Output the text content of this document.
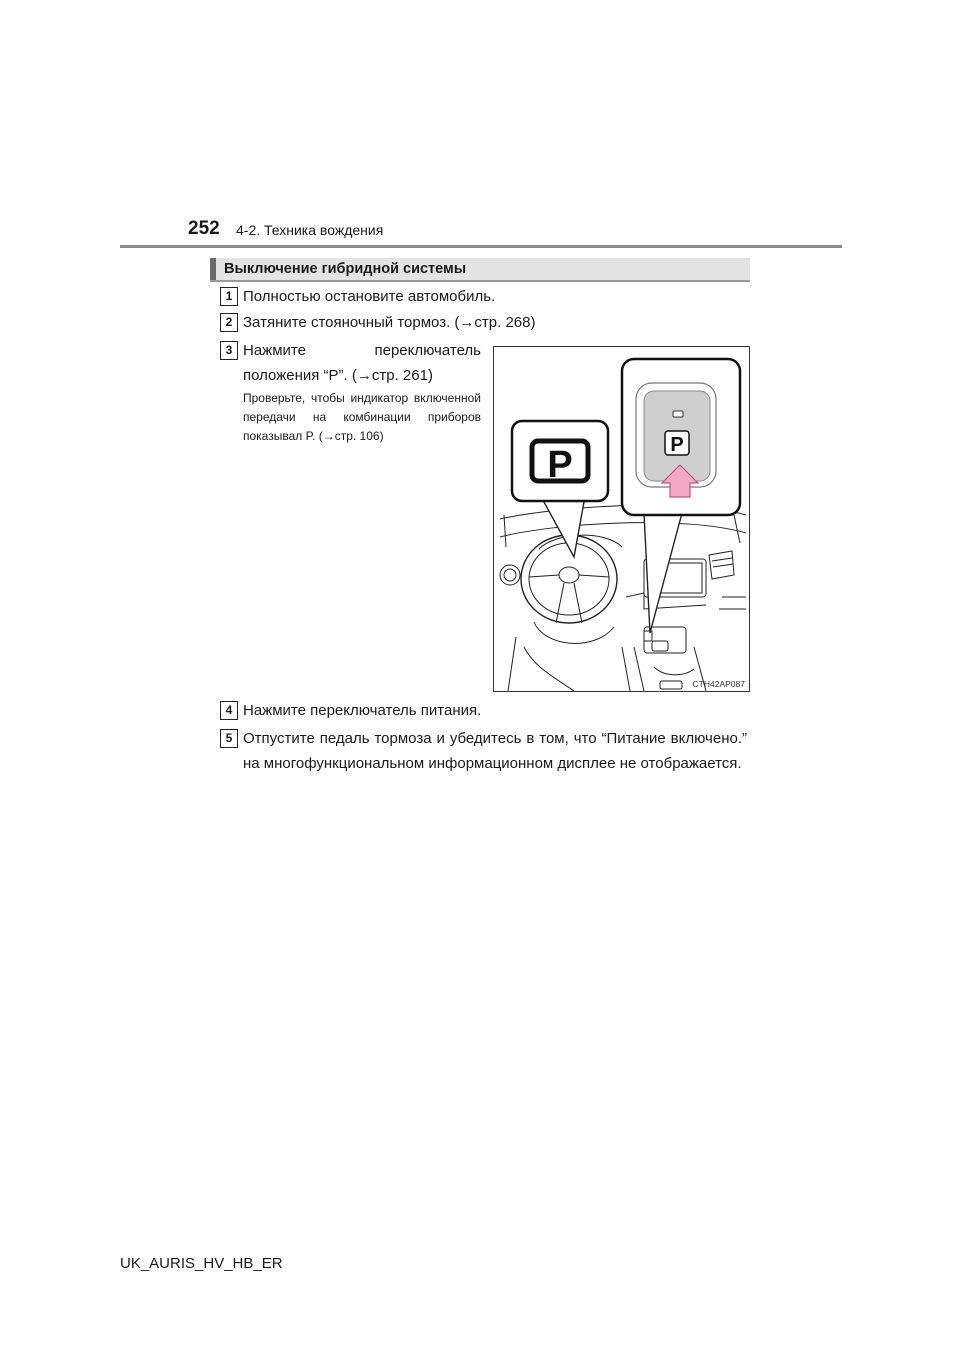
252 4-2. Техника вождения
Выключение гибридной системы
1 Полностью остановите автомобиль.
2 Затяните стояночный тормоз. (→стр. 268)
3 Нажмите переключатель положения “P”. (→стр. 261)
Проверьте, чтобы индикатор включенной передачи на комбинации приборов показывал P. (→стр. 106)
P	P
CTH42AP087
4 Нажмите переключатель питания.
5 Отпустите педаль тормоза и убедитесь в том, что “Питание включено.” на многофункциональном информационном дисплее не отображается.
UK_AURIS_HV_HB_ER
